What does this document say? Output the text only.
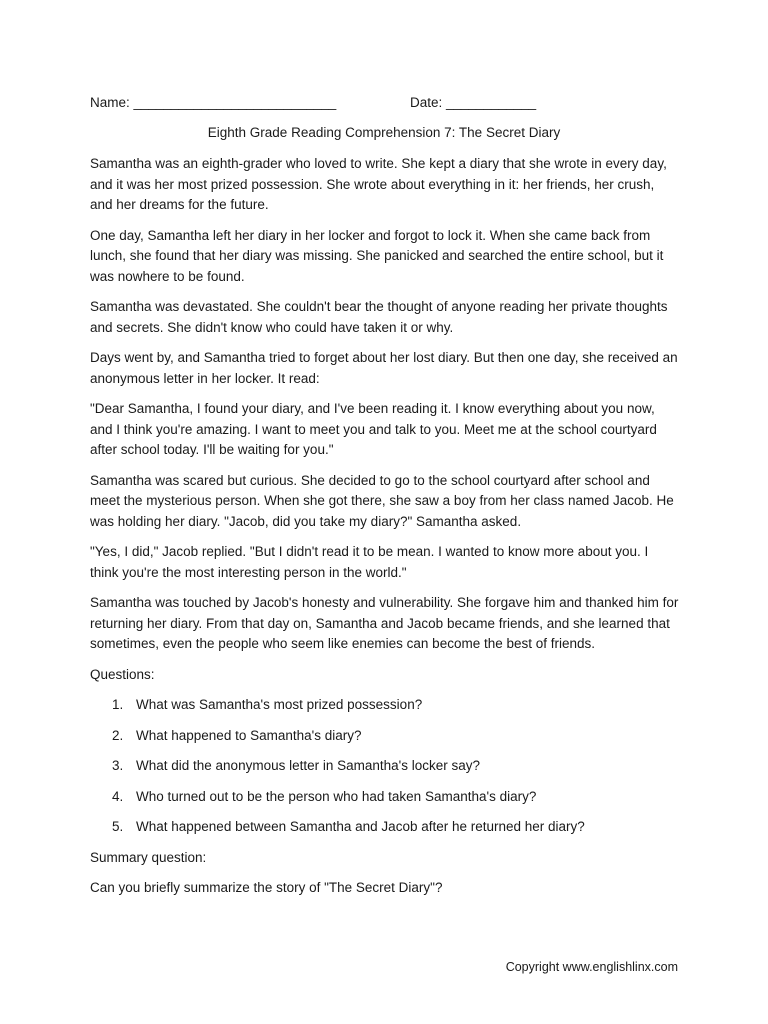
Name: ___________________________	Date: ____________
Eighth Grade Reading Comprehension 7: The Secret Diary

Samantha was an eighth-grader who loved to write. She kept a diary that she wrote in every day, and it was her most prized possession. She wrote about everything in it: her friends, her crush, and her dreams for the future.

One day, Samantha left her diary in her locker and forgot to lock it. When she came back from lunch, she found that her diary was missing. She panicked and searched the entire school, but it was nowhere to be found.

Samantha was devastated. She couldn't bear the thought of anyone reading her private thoughts and secrets. She didn't know who could have taken it or why.

Days went by, and Samantha tried to forget about her lost diary. But then one day, she received an anonymous letter in her locker. It read:

"Dear Samantha, I found your diary, and I've been reading it. I know everything about you now, and I think you're amazing. I want to meet you and talk to you. Meet me at the school courtyard after school today. I'll be waiting for you."

Samantha was scared but curious. She decided to go to the school courtyard after school and meet the mysterious person. When she got there, she saw a boy from her class named Jacob. He was holding her diary. "Jacob, did you take my diary?" Samantha asked.

"Yes, I did," Jacob replied. "But I didn't read it to be mean. I wanted to know more about you. I think you're the most interesting person in the world."

Samantha was touched by Jacob's honesty and vulnerability. She forgave him and thanked him for returning her diary. From that day on, Samantha and Jacob became friends, and she learned that sometimes, even the people who seem like enemies can become the best of friends.

Questions:

1. What was Samantha's most prized possession?
2. What happened to Samantha's diary?
3. What did the anonymous letter in Samantha's locker say?
4. Who turned out to be the person who had taken Samantha's diary?
5. What happened between Samantha and Jacob after he returned her diary?

Summary question:

Can you briefly summarize the story of "The Secret Diary"?

Copyright www.englishlinx.com
